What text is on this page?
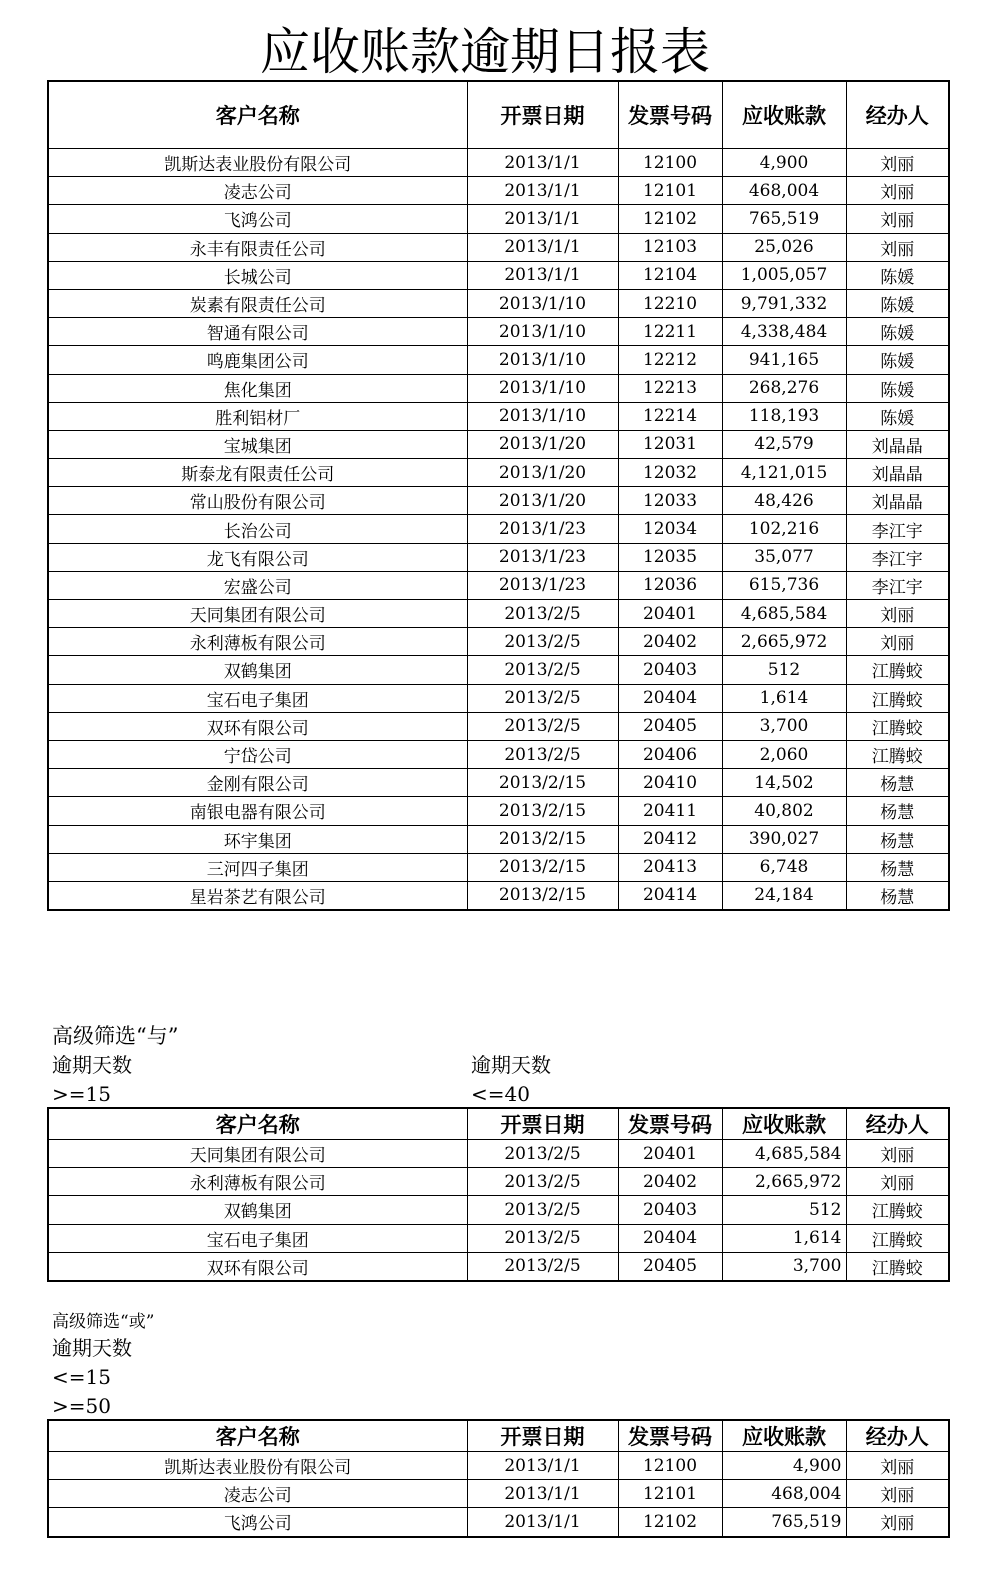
应收账款逾期日报表
客户名称	开票日期	发票号码	应收账款	经办人
凯斯达表业股份有限公司	2013/1/1	12100	4,900	刘丽
凌志公司	2013/1/1	12101	468,004	刘丽
飞鸿公司	2013/1/1	12102	765,519	刘丽
永丰有限责任公司	2013/1/1	12103	25,026	刘丽
长城公司	2013/1/1	12104	1,005,057	陈媛
炭素有限责任公司	2013/1/10	12210	9,791,332	陈媛
智通有限公司	2013/1/10	12211	4,338,484	陈媛
鸣鹿集团公司	2013/1/10	12212	941,165	陈媛
焦化集团	2013/1/10	12213	268,276	陈媛
胜利铝材厂	2013/1/10	12214	118,193	陈媛
宝城集团	2013/1/20	12031	42,579	刘晶晶
斯泰龙有限责任公司	2013/1/20	12032	4,121,015	刘晶晶
常山股份有限公司	2013/1/20	12033	48,426	刘晶晶
长治公司	2013/1/23	12034	102,216	李江宇
龙飞有限公司	2013/1/23	12035	35,077	李江宇
宏盛公司	2013/1/23	12036	615,736	李江宇
天同集团有限公司	2013/2/5	20401	4,685,584	刘丽
永利薄板有限公司	2013/2/5	20402	2,665,972	刘丽
双鹤集团	2013/2/5	20403	512	江腾蛟
宝石电子集团	2013/2/5	20404	1,614	江腾蛟
双环有限公司	2013/2/5	20405	3,700	江腾蛟
宁岱公司	2013/2/5	20406	2,060	江腾蛟
金刚有限公司	2013/2/15	20410	14,502	杨慧
南银电器有限公司	2013/2/15	20411	40,802	杨慧
环宇集团	2013/2/15	20412	390,027	杨慧
三河四子集团	2013/2/15	20413	6,748	杨慧
星岩茶艺有限公司	2013/2/15	20414	24,184	杨慧
高级筛选“与”
逾期天数
>=15
逾期天数
<=40
客户名称	开票日期	发票号码	应收账款	经办人
天同集团有限公司	2013/2/5	20401	4,685,584	刘丽
永利薄板有限公司	2013/2/5	20402	2,665,972	刘丽
双鹤集团	2013/2/5	20403	512	江腾蛟
宝石电子集团	2013/2/5	20404	1,614	江腾蛟
双环有限公司	2013/2/5	20405	3,700	江腾蛟
高级筛选“或”
逾期天数
<=15
>=50
客户名称	开票日期	发票号码	应收账款	经办人
凯斯达表业股份有限公司	2013/1/1	12100	4,900	刘丽
凌志公司	2013/1/1	12101	468,004	刘丽
飞鸿公司	2013/1/1	12102	765,519	刘丽
